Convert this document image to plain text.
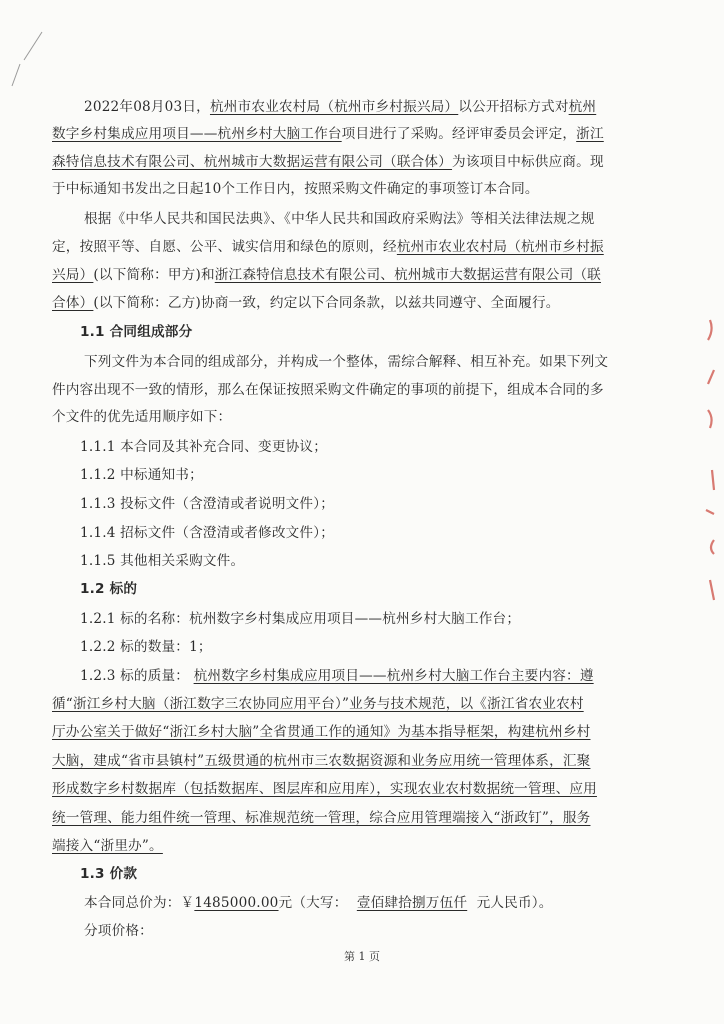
2022年08月03日，杭州市农业农村局（杭州市乡村振兴局）以公开招标方式对杭州
数字乡村集成应用项目——杭州乡村大脑工作台项目进行了采购。经评审委员会评定，浙江
森特信息技术有限公司、杭州城市大数据运营有限公司（联合体）为该项目中标供应商。现
于中标通知书发出之日起10个工作日内，按照采购文件确定的事项签订本合同。
根据《中华人民共和国民法典》、《中华人民共和国政府采购法》等相关法律法规之规
定，按照平等、自愿、公平、诚实信用和绿色的原则，经杭州市农业农村局（杭州市乡村振
兴局）(以下简称：甲方)和浙江森特信息技术有限公司、杭州城市大数据运营有限公司（联
合体）(以下简称：乙方)协商一致，约定以下合同条款，以兹共同遵守、全面履行。
1.1 合同组成部分
下列文件为本合同的组成部分，并构成一个整体，需综合解释、相互补充。如果下列文
件内容出现不一致的情形，那么在保证按照采购文件确定的事项的前提下，组成本合同的多
个文件的优先适用顺序如下：
1.1.1 本合同及其补充合同、变更协议；
1.1.2 中标通知书；
1.1.3 投标文件（含澄清或者说明文件）；
1.1.4 招标文件（含澄清或者修改文件）；
1.1.5 其他相关采购文件。
1.2 标的
1.2.1 标的名称：杭州数字乡村集成应用项目——杭州乡村大脑工作台；
1.2.2 标的数量：1；
1.2.3 标的质量： 杭州数字乡村集成应用项目——杭州乡村大脑工作台主要内容：遵
循“浙江乡村大脑（浙江数字三农协同应用平台）”业务与技术规范，以《浙江省农业农村
厅办公室关于做好“浙江乡村大脑”全省贯通工作的通知》为基本指导框架，构建杭州乡村
大脑，建成“省市县镇村”五级贯通的杭州市三农数据资源和业务应用统一管理体系，汇聚
形成数字乡村数据库（包括数据库、图层库和应用库），实现农业农村数据统一管理、应用
统一管理、能力组件统一管理、标准规范统一管理，综合应用管理端接入“浙政钉”，服务
端接入“浙里办”。
1.3 价款
本合同总价为：￥1485000.00元（大写： 壹佰肆拾捌万伍仟 元人民币）。
分项价格：
第 1 页
